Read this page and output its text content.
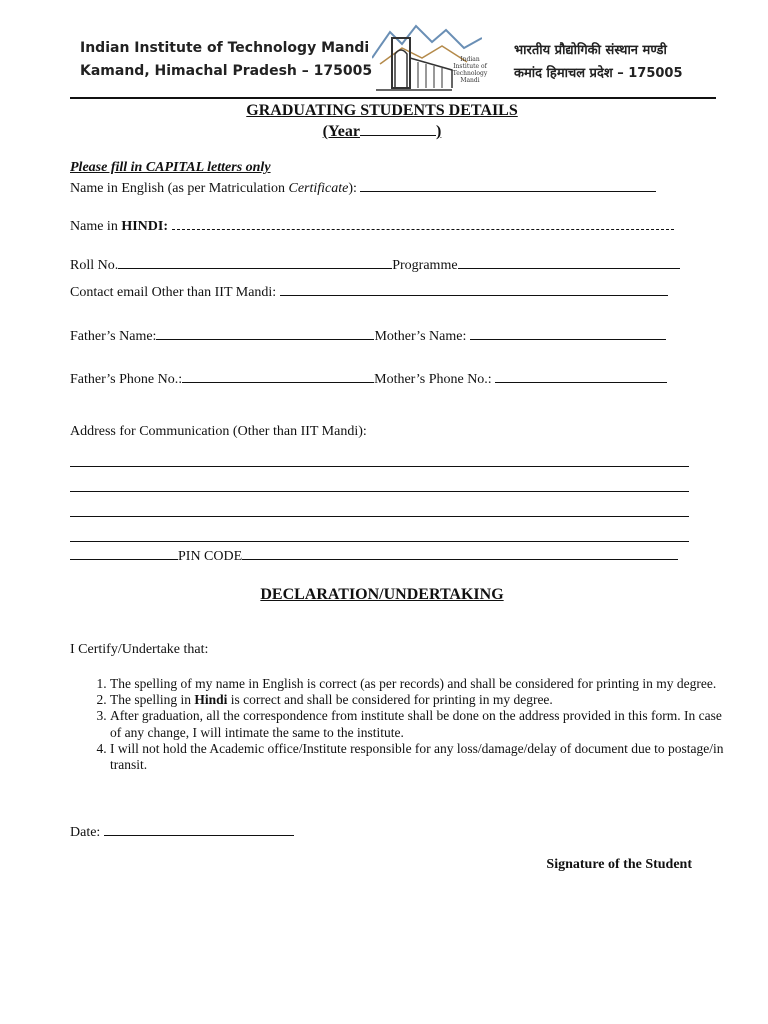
Indian Institute of Technology Mandi
Kamand, Himachal Pradesh – 175005
Indian
Institute of
Technology
Mandi
भारतीय प्रौद्योगिकी संस्थान मण्डी
कमांद हिमाचल प्रदेश – 175005
GRADUATING STUDENTS DETAILS
(Year	)
Please fill in CAPITAL letters only
Name in English (as per Matriculation Certificate):
Name in HINDI:
Roll No.	Programme
Contact email Other than IIT Mandi:
Father’s Name:	Mother’s Name:
Father’s Phone No.:	Mother’s Phone No.:
Address for Communication (Other than IIT Mandi):
PIN CODE
DECLARATION/UNDERTAKING
I Certify/Undertake that:
1. The spelling of my name in English is correct (as per records) and shall be considered for printing in my degree.
2. The spelling in Hindi is correct and shall be considered for printing in my degree.
3. After graduation, all the correspondence from institute shall be done on the address provided in this form. In case of any change, I will intimate the same to the institute.
4. I will not hold the Academic office/Institute responsible for any loss/damage/delay of document due to postage/in transit.
Date:
Signature of the Student
